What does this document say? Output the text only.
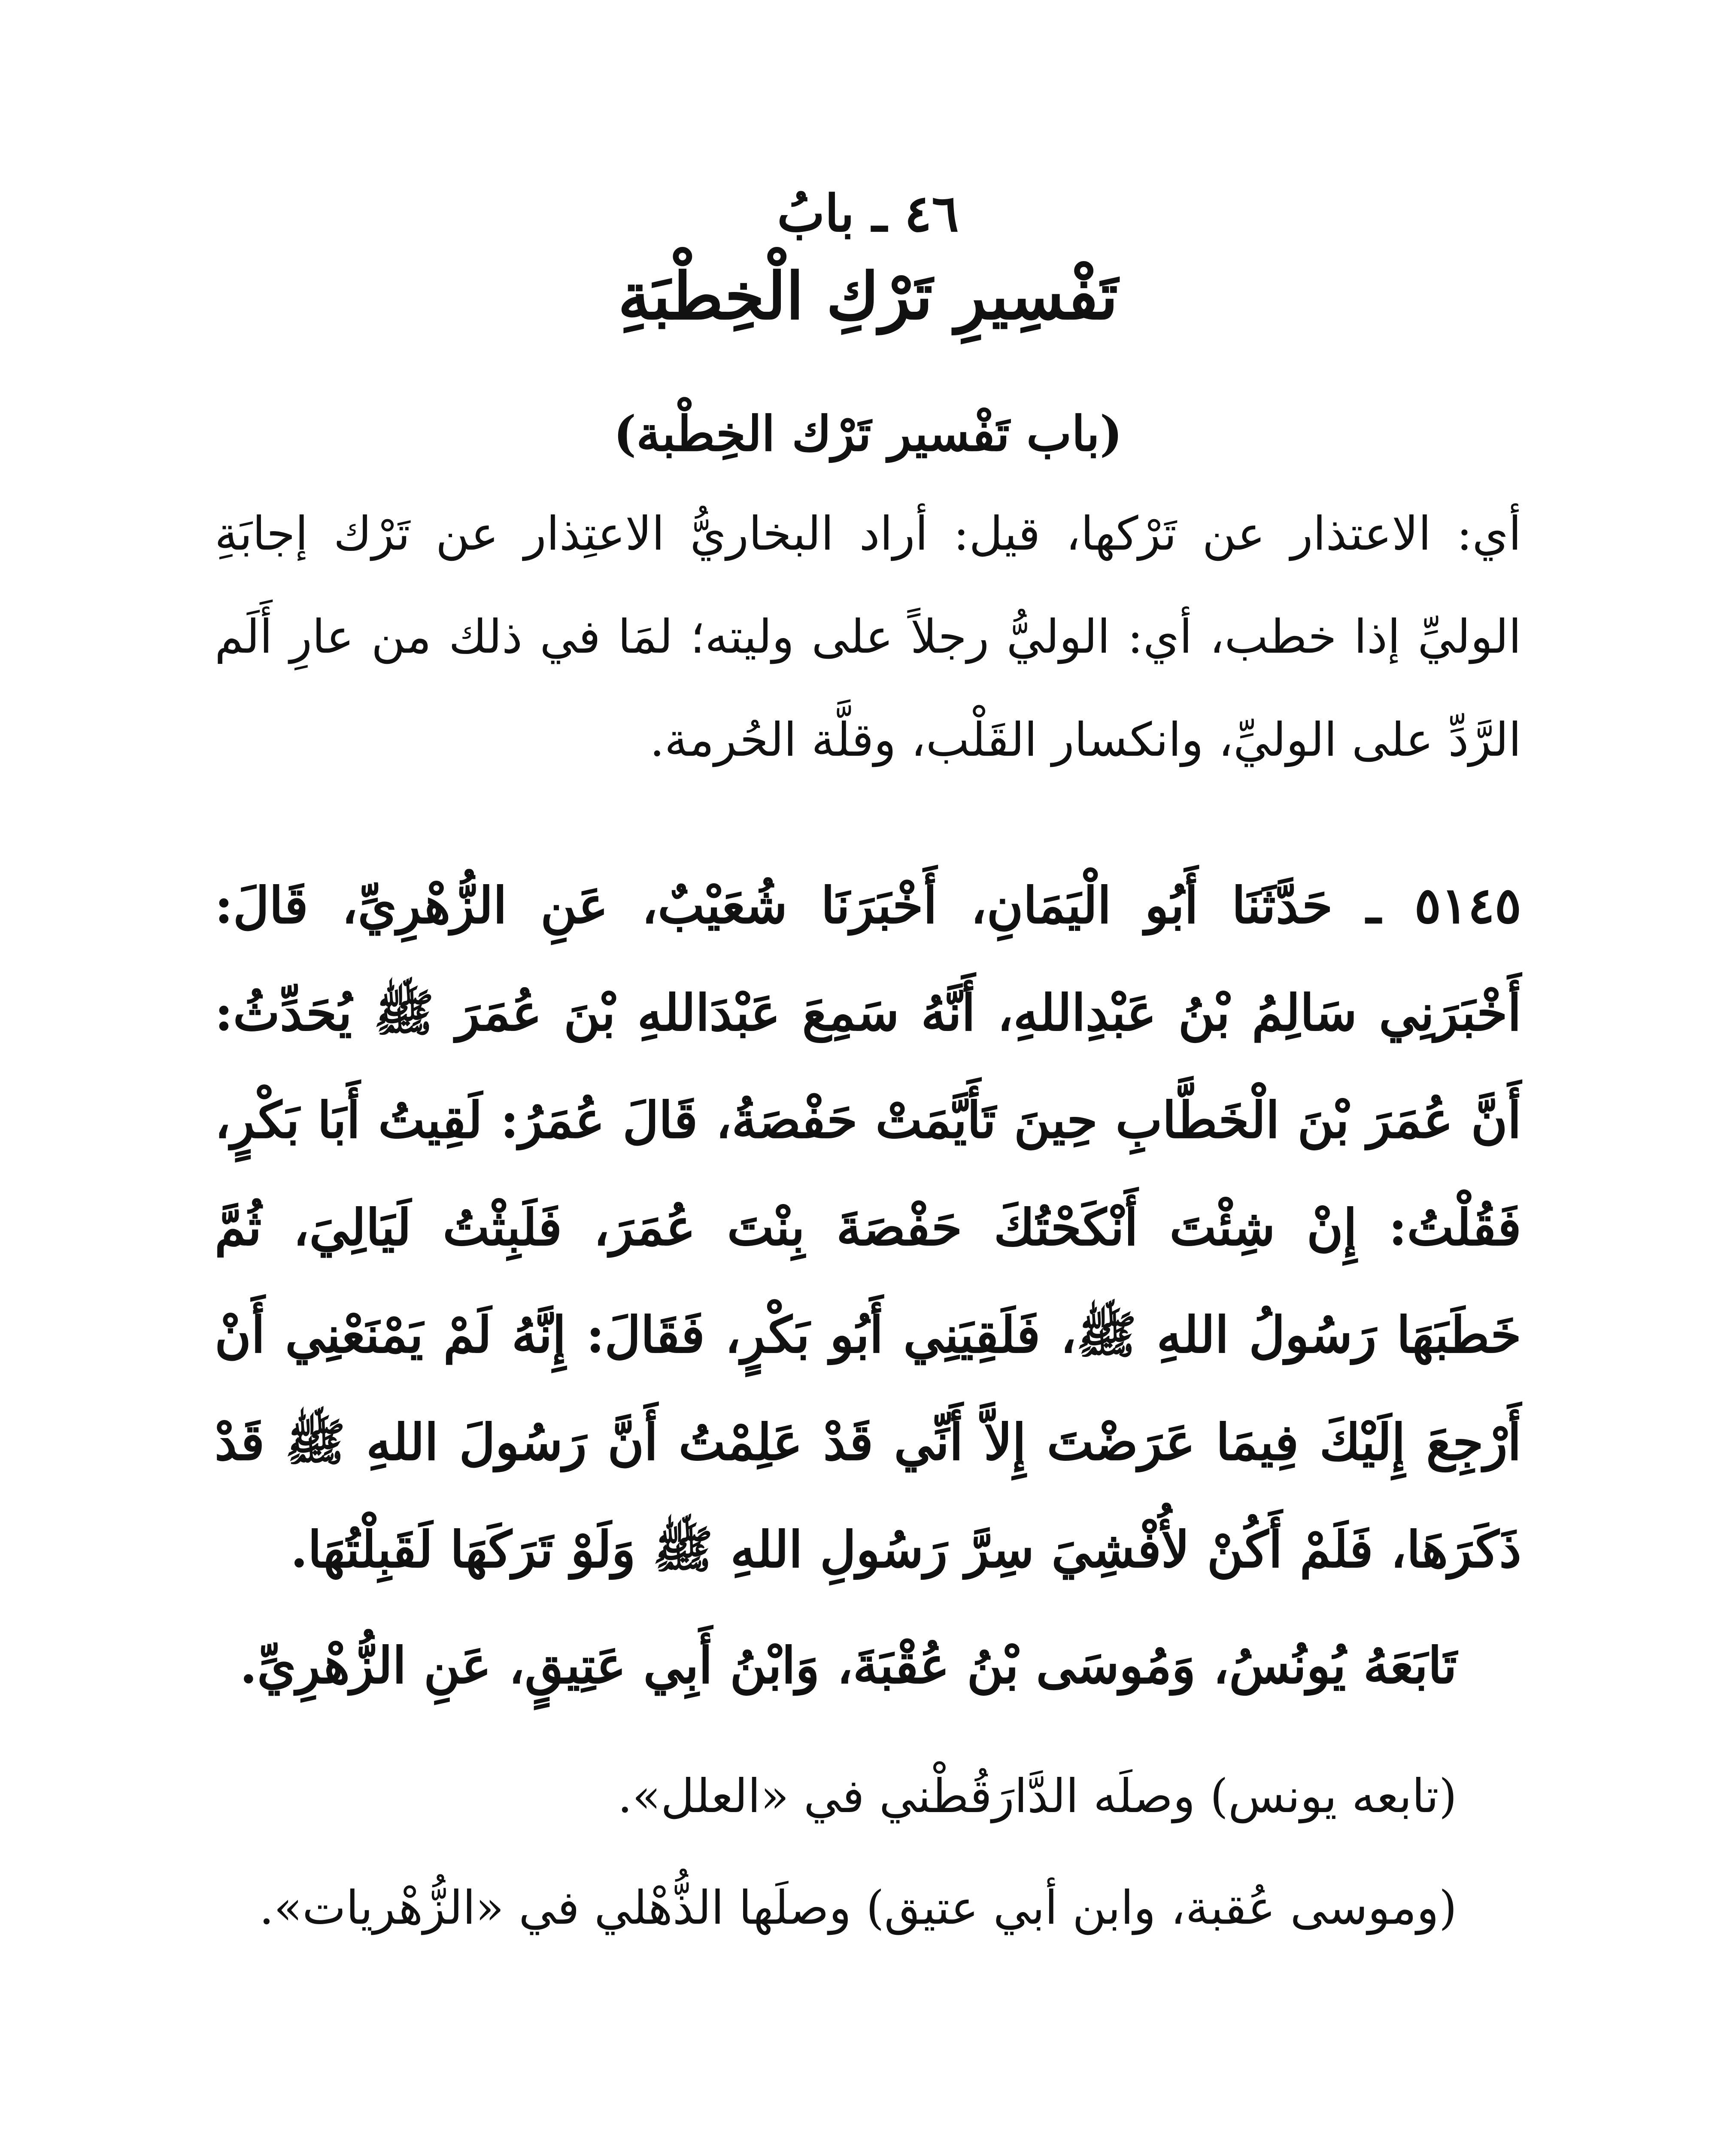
٤٦ ـ بابُ
تَفْسِيرِ تَرْكِ الْخِطْبَةِ
(باب تَفْسير تَرْك الخِطْبة)

أي: الاعتذار عن تَرْكها، قيل: أراد البخاريُّ الاعتِذار عن تَرْك إجابَةِ الوليِّ إذا خطب، أي: الوليُّ رجلاً على وليته؛ لمَا في ذلك من عارِ أَلَم الرَّدِّ على الوليِّ، وانكسار القَلْب، وقلَّة الحُرمة.

٥١٤٥ ـ حَدَّثَنَا أَبُو الْيَمَانِ، أَخْبَرَنَا شُعَيْبٌ، عَنِ الزُّهْرِيِّ، قَالَ: أَخْبَرَنِي سَالِمُ بْنُ عَبْدِاللهِ، أَنَّهُ سَمِعَ عَبْدَاللهِ بْنَ عُمَرَ ﷺ يُحَدِّثُ: أَنَّ عُمَرَ بْنَ الْخَطَّابِ حِينَ تَأَيَّمَتْ حَفْصَةُ، قَالَ عُمَرُ: لَقِيتُ أَبَا بَكْرٍ، فَقُلْتُ: إِنْ شِئْتَ أَنْكَحْتُكَ حَفْصَةَ بِنْتَ عُمَرَ، فَلَبِثْتُ لَيَالِيَ، ثُمَّ خَطَبَهَا رَسُولُ اللهِ ﷺ، فَلَقِيَنِي أَبُو بَكْرٍ، فَقَالَ: إِنَّهُ لَمْ يَمْنَعْنِي أَنْ أَرْجِعَ إِلَيْكَ فِيمَا عَرَضْتَ إِلاَّ أَنِّي قَدْ عَلِمْتُ أَنَّ رَسُولَ اللهِ ﷺ قَدْ ذَكَرَهَا، فَلَمْ أَكُنْ لأُفْشِيَ سِرَّ رَسُولِ اللهِ ﷺ وَلَوْ تَرَكَهَا لَقَبِلْتُهَا.

تَابَعَهُ يُونُسُ، وَمُوسَى بْنُ عُقْبَةَ، وَابْنُ أَبِي عَتِيقٍ، عَنِ الزُّهْرِيِّ.

(تابعه يونس) وصلَه الدَّارَقُطْني في «العلل».

(وموسى عُقبة، وابن أبي عتيق) وصلَها الذُّهْلي في «الزُّهْريات».
